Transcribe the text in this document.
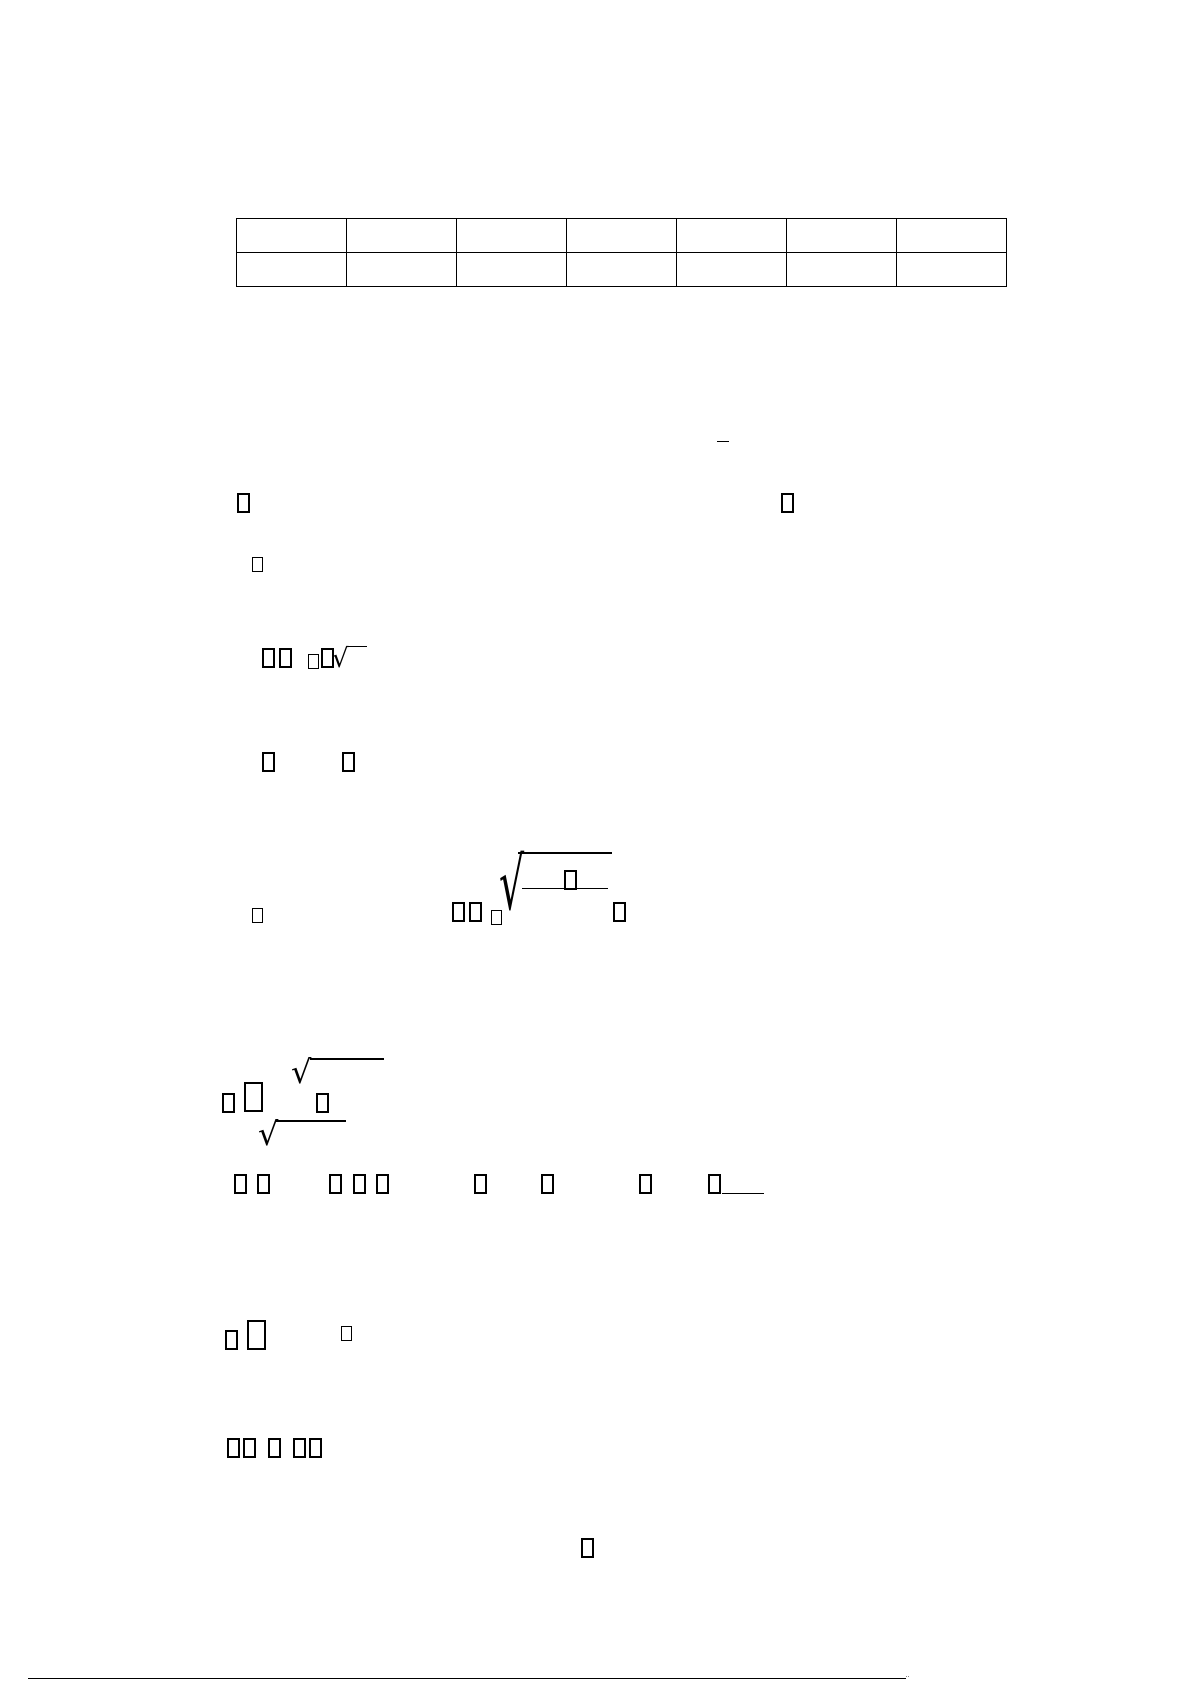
√
√
√
√
